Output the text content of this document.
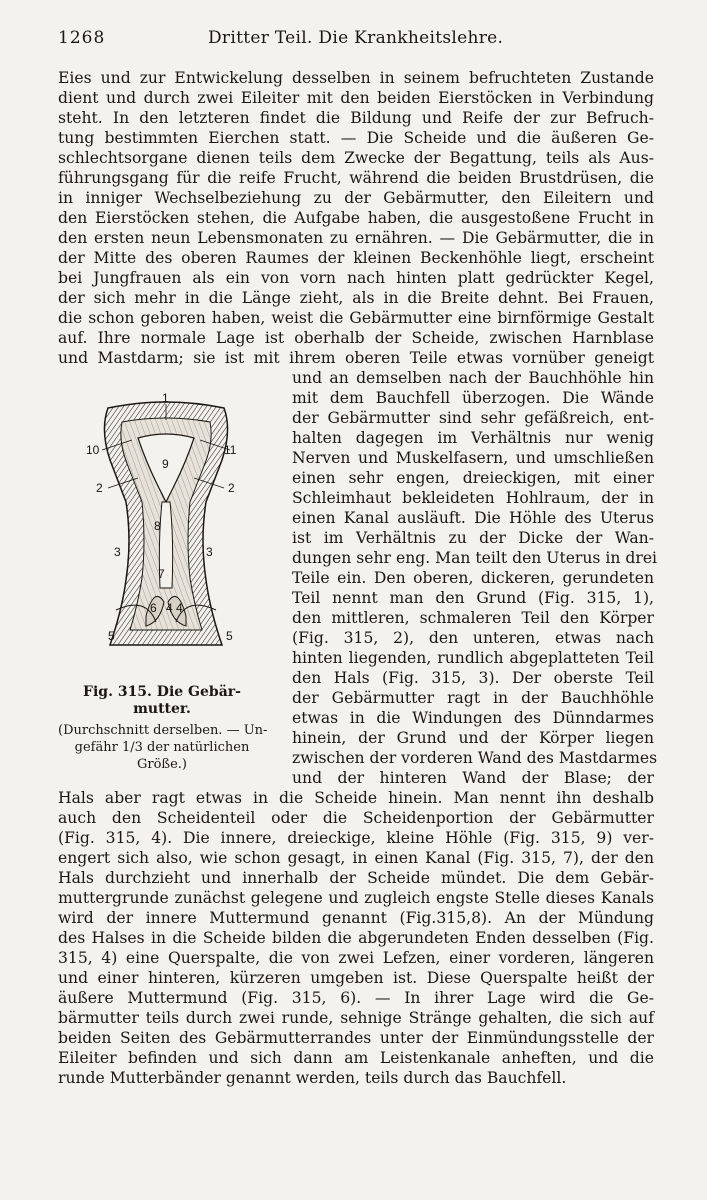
1268	Dritter Teil. Die Krankheitslehre.
Eies und zur Entwickelung desselben in seinem befruchteten Zustande
dient und durch zwei Eileiter mit den beiden Eierstöcken in Verbindung
steht. In den letzteren findet die Bildung und Reife der zur Befruch-
tung bestimmten Eierchen statt. — Die Scheide und die äußeren Ge-
schlechtsorgane dienen teils dem Zwecke der Begattung, teils als Aus-
führungsgang für die reife Frucht, während die beiden Brustdrüsen, die
in inniger Wechselbeziehung zu der Gebärmutter, den Eileitern und
den Eierstöcken stehen, die Aufgabe haben, die ausgestoßene Frucht in
den ersten neun Lebensmonaten zu ernähren. — Die Gebärmutter, die in
der Mitte des oberen Raumes der kleinen Beckenhöhle liegt, erscheint
bei Jungfrauen als ein von vorn nach hinten platt gedrückter Kegel,
der sich mehr in die Länge zieht, als in die Breite dehnt. Bei Frauen,
die schon geboren haben, weist die Gebärmutter eine birnförmige Gestalt
auf. Ihre normale Lage ist oberhalb der Scheide, zwischen Harnblase
und Mastdarm; sie ist mit ihrem oberen Teile etwas vornüber geneigt
und an demselben nach der Bauchhöhle hin
mit dem Bauchfell überzogen. Die Wände
der Gebärmutter sind sehr gefäßreich, ent-
halten dagegen im Verhältnis nur wenig
Nerven und Muskelfasern, und umschließen
einen sehr engen, dreieckigen, mit einer
Schleimhaut bekleideten Hohlraum, der in
einen Kanal ausläuft. Die Höhle des Uterus
ist im Verhältnis zu der Dicke der Wan-
dungen sehr eng. Man teilt den Uterus in drei
Teile ein. Den oberen, dickeren, gerundeten
Teil nennt man den Grund (Fig. 315, 1),
den mittleren, schmaleren Teil den Körper
(Fig. 315, 2), den unteren, etwas nach
hinten liegenden, rundlich abgeplatteten Teil
den Hals (Fig. 315, 3). Der oberste Teil
der Gebärmutter ragt in der Bauchhöhle
etwas in die Windungen des Dünndarmes
hinein, der Grund und der Körper liegen
zwischen der vorderen Wand des Mastdarmes
und der hinteren Wand der Blase; der
1
10	11
9
2	2
8
3	3
7
6 4 4
5	5
Fig. 315. Die Gebär-
mutter.
(Durchschnitt derselben. — Un-
gefähr 1/3 der natürlichen
Größe.)
Hals aber ragt etwas in die Scheide hinein. Man nennt ihn deshalb
auch den Scheidenteil oder die Scheidenportion der Gebärmutter
(Fig. 315, 4). Die innere, dreieckige, kleine Höhle (Fig. 315, 9) ver-
engert sich also, wie schon gesagt, in einen Kanal (Fig. 315, 7), der den
Hals durchzieht und innerhalb der Scheide mündet. Die dem Gebär-
muttergrunde zunächst gelegene und zugleich engste Stelle dieses Kanals
wird der innere Muttermund genannt (Fig.315,8). An der Mündung
des Halses in die Scheide bilden die abgerundeten Enden desselben (Fig.
315, 4) eine Querspalte, die von zwei Lefzen, einer vorderen, längeren
und einer hinteren, kürzeren umgeben ist. Diese Querspalte heißt der
äußere Muttermund (Fig. 315, 6). — In ihrer Lage wird die Ge-
bärmutter teils durch zwei runde, sehnige Stränge gehalten, die sich auf
beiden Seiten des Gebärmutterrandes unter der Einmündungsstelle der
Eileiter befinden und sich dann am Leistenkanale anheften, und die
runde Mutterbänder genannt werden, teils durch das Bauchfell.
